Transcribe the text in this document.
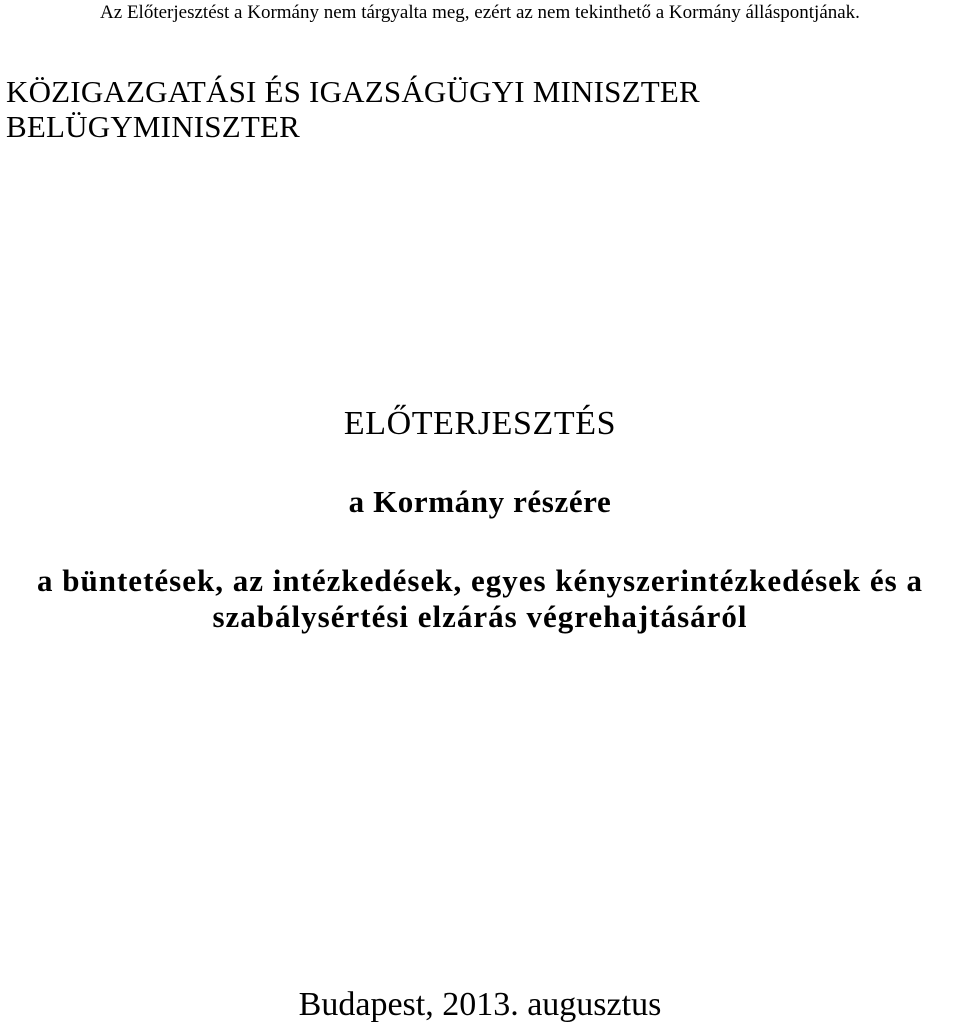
Az Előterjesztést a Kormány nem tárgyalta meg, ezért az nem tekinthető a Kormány álláspontjának.
KÖZIGAZGATÁSI ÉS IGAZSÁGÜGYI MINISZTER
BELÜGYMINISZTER
ELŐTERJESZTÉS
a Kormány részére
a büntetések, az intézkedések, egyes kényszerintézkedések és a
szabálysértési elzárás végrehajtásáról
Budapest, 2013. augusztus
